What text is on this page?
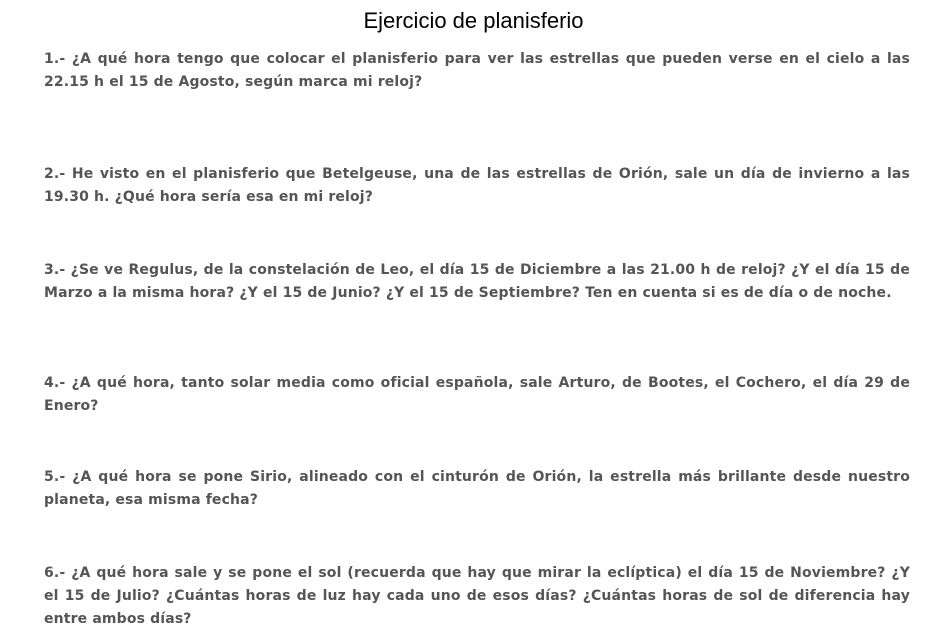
Ejercicio de planisferio
1.- ¿A qué hora tengo que colocar el planisferio para ver las estrellas que pueden verse en el cielo a las 22.15 h el 15 de Agosto, según marca mi reloj?
2.- He visto en el planisferio que Betelgeuse, una de las estrellas de Orión, sale un día de invierno a las 19.30 h. ¿Qué hora sería esa en mi reloj?
3.- ¿Se ve Regulus, de la constelación de Leo, el día 15 de Diciembre a las 21.00 h de reloj? ¿Y el día 15 de Marzo a la misma hora? ¿Y el 15 de Junio? ¿Y el 15 de Septiembre? Ten en cuenta si es de día o de noche.
4.- ¿A qué hora, tanto solar media como oficial española, sale Arturo, de Bootes, el Cochero, el día 29 de Enero?
5.- ¿A qué hora se pone Sirio, alineado con el cinturón de Orión, la estrella más brillante desde nuestro planeta, esa misma fecha?
6.- ¿A qué hora sale y se pone el sol (recuerda que hay que mirar la eclíptica) el día 15 de Noviembre? ¿Y el 15 de Julio? ¿Cuántas horas de luz hay cada uno de esos días? ¿Cuántas horas de sol de diferencia hay entre ambos días?
